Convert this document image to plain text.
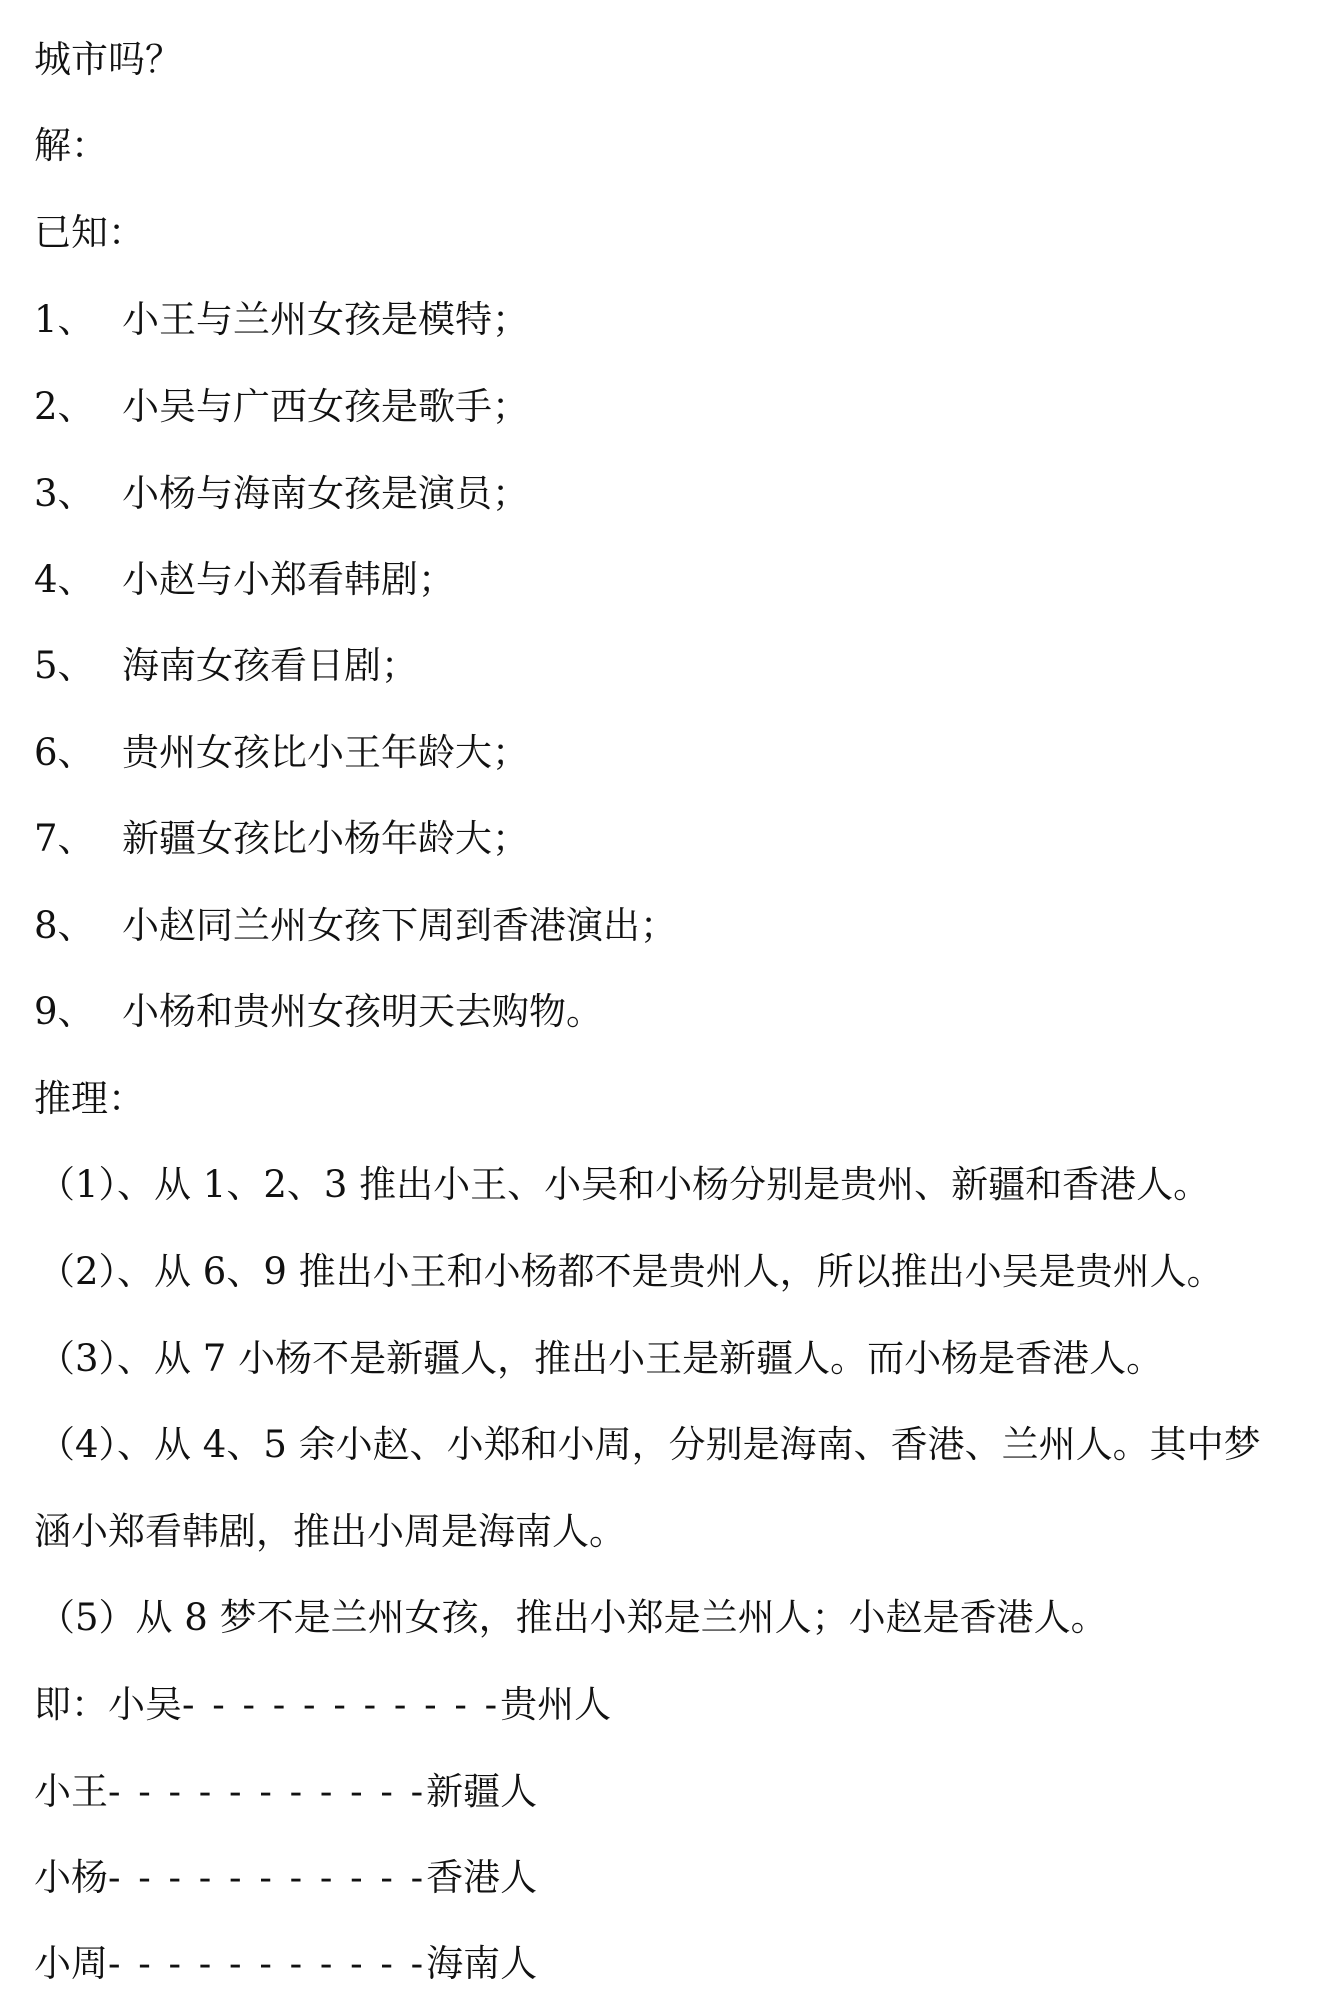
城市吗？
解：
已知：
1、 小王与兰州女孩是模特；
2、 小吴与广西女孩是歌手；
3、 小杨与海南女孩是演员；
4、 小赵与小郑看韩剧；
5、 海南女孩看日剧；
6、 贵州女孩比小王年龄大；
7、 新疆女孩比小杨年龄大；
8、 小赵同兰州女孩下周到香港演出；
9、 小杨和贵州女孩明天去购物。
推理：
（1）、从 1、2、3 推出小王、小吴和小杨分别是贵州、新疆和香港人。
（2）、从 6、9 推出小王和小杨都不是贵州人，所以推出小吴是贵州人。
（3）、从 7 小杨不是新疆人，推出小王是新疆人。而小杨是香港人。
（4）、从 4、5 余小赵、小郑和小周，分别是海南、香港、兰州人。其中梦
涵小郑看韩剧，推出小周是海南人。
（5）从 8 梦不是兰州女孩，推出小郑是兰州人；小赵是香港人。
即：小吴- - - - - - - - - - -贵州人
小王- - - - - - - - - - -新疆人
小杨- - - - - - - - - - -香港人
小周- - - - - - - - - - -海南人
